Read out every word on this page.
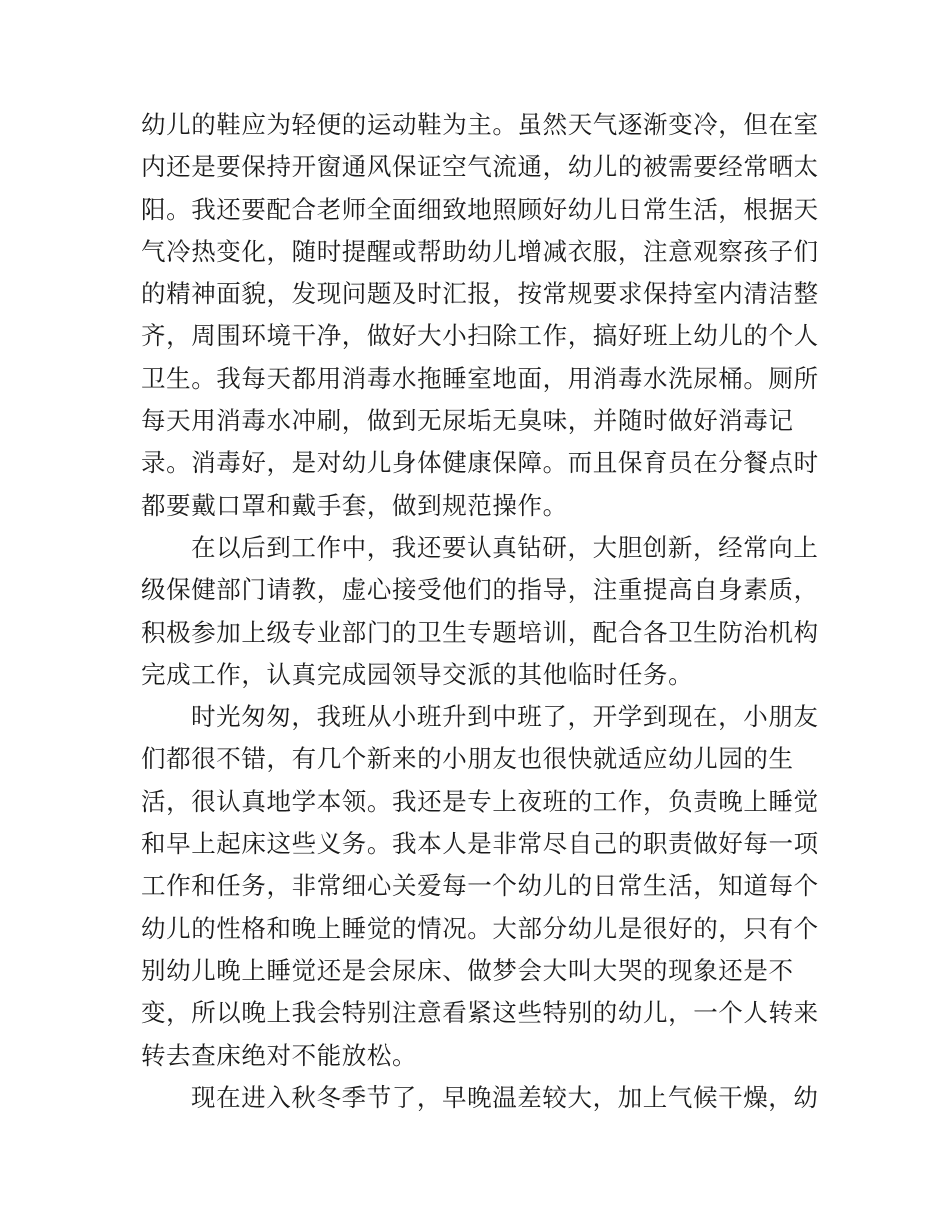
幼儿的鞋应为轻便的运动鞋为主。虽然天气逐渐变冷，但在室
内还是要保持开窗通风保证空气流通，幼儿的被需要经常晒太
阳。我还要配合老师全面细致地照顾好幼儿日常生活，根据天
气冷热变化，随时提醒或帮助幼儿增减衣服，注意观察孩子们
的精神面貌，发现问题及时汇报，按常规要求保持室内清洁整
齐，周围环境干净，做好大小扫除工作，搞好班上幼儿的个人
卫生。我每天都用消毒水拖睡室地面，用消毒水洗尿桶。厕所
每天用消毒水冲刷，做到无尿垢无臭味，并随时做好消毒记
录。消毒好，是对幼儿身体健康保障。而且保育员在分餐点时
都要戴口罩和戴手套，做到规范操作。
在以后到工作中，我还要认真钻研，大胆创新，经常向上
级保健部门请教，虚心接受他们的指导，注重提高自身素质，
积极参加上级专业部门的卫生专题培训，配合各卫生防治机构
完成工作，认真完成园领导交派的其他临时任务。
时光匆匆，我班从小班升到中班了，开学到现在，小朋友
们都很不错，有几个新来的小朋友也很快就适应幼儿园的生
活，很认真地学本领。我还是专上夜班的工作，负责晚上睡觉
和早上起床这些义务。我本人是非常尽自己的职责做好每一项
工作和任务，非常细心关爱每一个幼儿的日常生活，知道每个
幼儿的性格和晚上睡觉的情况。大部分幼儿是很好的，只有个
别幼儿晚上睡觉还是会尿床、做梦会大叫大哭的现象还是不
变，所以晚上我会特别注意看紧这些特别的幼儿，一个人转来
转去查床绝对不能放松。
现在进入秋冬季节了，早晚温差较大，加上气候干燥，幼
